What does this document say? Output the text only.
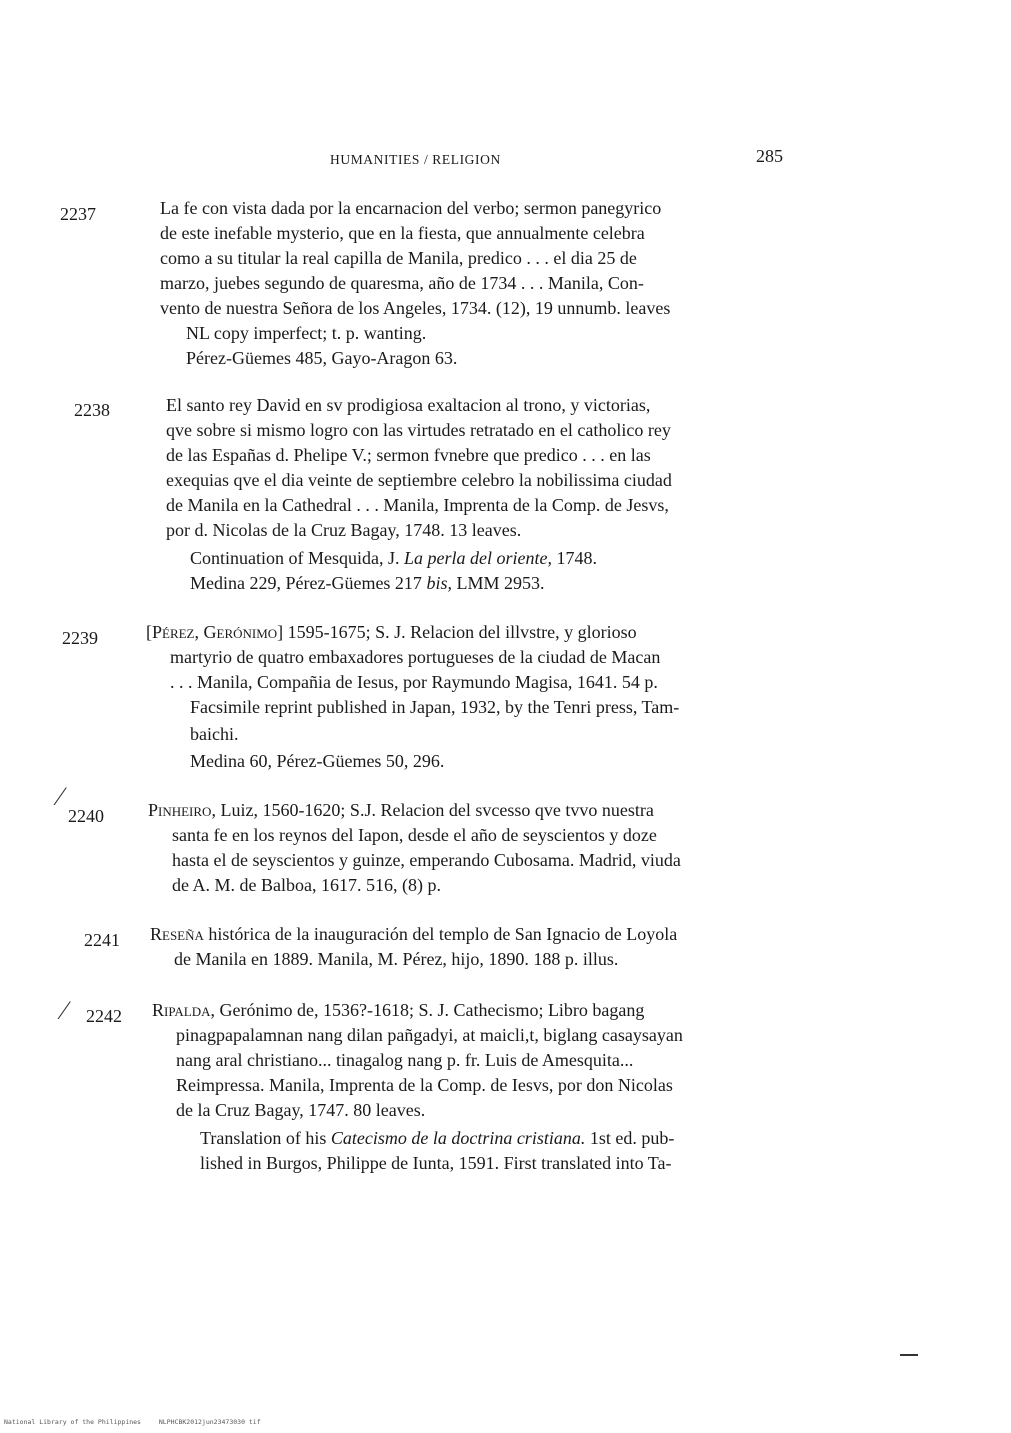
HUMANITIES / RELIGION	285
2237	La fe con vista dada por la encarnacion del verbo; sermon panegyrico
de este inefable mysterio, que en la fiesta, que annualmente celebra
como a su titular la real capilla de Manila, predico . . . el dia 25 de
marzo, juebes segundo de quaresma, año de 1734 . . . Manila, Con-
vento de nuestra Señora de los Angeles, 1734. (12), 19 unnumb. leaves
NL copy imperfect; t. p. wanting.
Pérez-Güemes 485, Gayo-Aragon 63.
2238	El santo rey David en sv prodigiosa exaltacion al trono, y victorias,
qve sobre si mismo logro con las virtudes retratado en el catholico rey
de las Españas d. Phelipe V.; sermon fvnebre que predico . . . en las
exequias qve el dia veinte de septiembre celebro la nobilissima ciudad
de Manila en la Cathedral . . . Manila, Imprenta de la Comp. de Jesvs,
por d. Nicolas de la Cruz Bagay, 1748. 13 leaves.
Continuation of Mesquida, J. La perla del oriente, 1748.
Medina 229, Pérez-Güemes 217 bis, LMM 2953.
2239	[Pérez, Gerónimo] 1595-1675; S. J. Relacion del illvstre, y glorioso
martyrio de quatro embaxadores portugueses de la ciudad de Macan
. . . Manila, Compañia de Iesus, por Raymundo Magisa, 1641. 54 p.
Facsimile reprint published in Japan, 1932, by the Tenri press, Tam-
baichi.
Medina 60, Pérez-Güemes 50, 296.
⁄
2240 Pinheiro, Luiz, 1560-1620; S.J. Relacion del svcesso qve tvvo nuestra
santa fe en los reynos del Iapon, desde el año de seyscientos y doze
hasta el de seyscientos y guinze, emperando Cubosama. Madrid, viuda
de A. M. de Balboa, 1617. 516, (8) p.
2241 Reseña histórica de la inauguración del templo de San Ignacio de Loyola
de Manila en 1889. Manila, M. Pérez, hijo, 1890. 188 p. illus.
⁄ 2242 Ripalda, Gerónimo de, 1536?-1618; S. J. Cathecismo; Libro bagang
pinagpapalamnan nang dilan pañgadyi, at maicli,t, biglang casaysayan
nang aral christiano... tinagalog nang p. fr. Luis de Amesquita...
Reimpressa. Manila, Imprenta de la Comp. de Iesvs, por don Nicolas
de la Cruz Bagay, 1747. 80 leaves.
Translation of his Catecismo de la doctrina cristiana. 1st ed. pub-
lished in Burgos, Philippe de Iunta, 1591. First translated into Ta-
National Library of the Philippines	NLPHCBK2012jun23473030 tif
